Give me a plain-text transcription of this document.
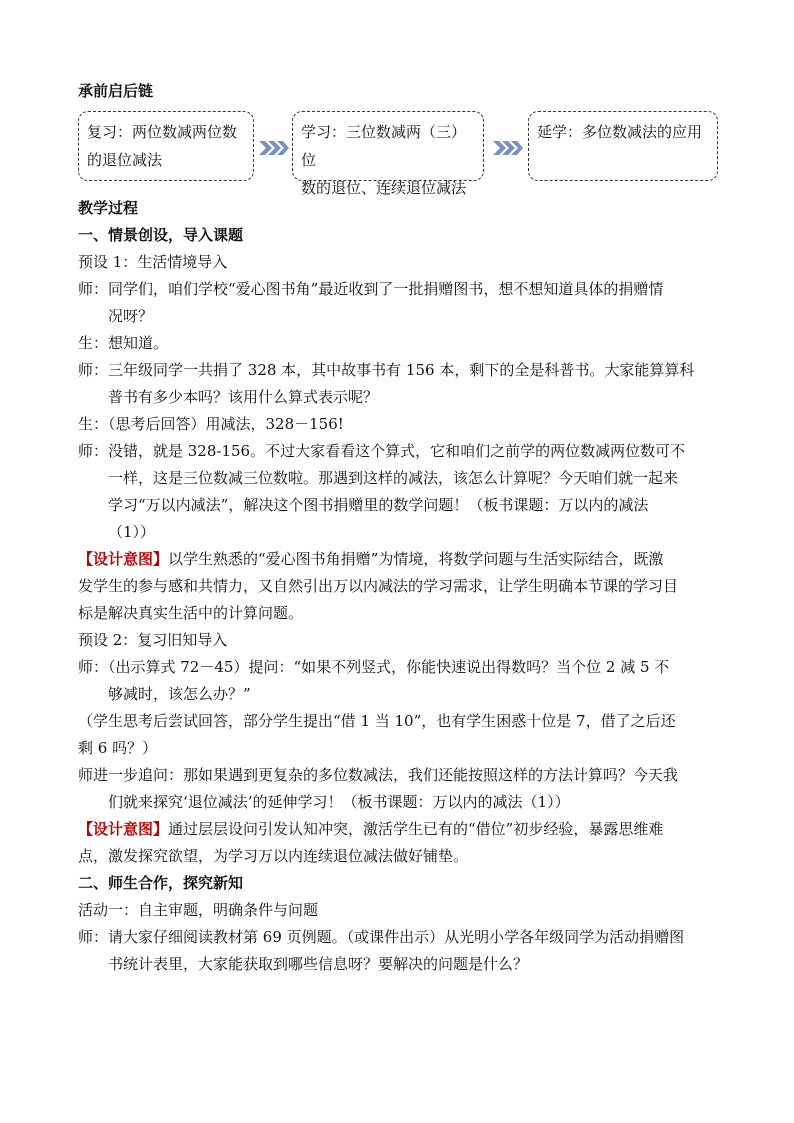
承前启后链
复习：两位数减两位数
的退位减法
学习：三位数减两（三）位
数的退位、连续退位减法
延学：多位数减法的应用
教学过程
一、情景创设，导入课题
预设 1：生活情境导入
师：同学们，咱们学校“爱心图书角”最近收到了一批捐赠图书，想不想知道具体的捐赠情
况呀？
生：想知道。
师：三年级同学一共捐了 328 本，其中故事书有 156 本，剩下的全是科普书。大家能算算科
普书有多少本吗？该用什么算式表示呢？
生：（思考后回答）用减法，328－156!
师：没错，就是 328-156。不过大家看看这个算式，它和咱们之前学的两位数减两位数可不
一样，这是三位数减三位数啦。那遇到这样的减法，该怎么计算呢？今天咱们就一起来
学习“万以内减法”，解决这个图书捐赠里的数学问题！（板书课题：万以内的减法
（1））
【设计意图】以学生熟悉的“爱心图书角捐赠”为情境，将数学问题与生活实际结合，既激
发学生的参与感和共情力，又自然引出万以内减法的学习需求，让学生明确本节课的学习目
标是解决真实生活中的计算问题。
预设 2：复习旧知导入
师：（出示算式 72－45）提问：“如果不列竖式，你能快速说出得数吗？当个位 2 减 5 不
够减时，该怎么办？”
（学生思考后尝试回答，部分学生提出“借 1 当 10”，也有学生困惑十位是 7，借了之后还
剩 6 吗？）
师进一步追问：那如果遇到更复杂的多位数减法，我们还能按照这样的方法计算吗？今天我
们就来探究‘退位减法’的延伸学习！（板书课题：万以内的减法（1））
【设计意图】通过层层设问引发认知冲突，激活学生已有的“借位”初步经验，暴露思维难
点，激发探究欲望，为学习万以内连续退位减法做好铺垫。
二、师生合作，探究新知
活动一：自主审题，明确条件与问题
师：请大家仔细阅读教材第 69 页例题。（或课件出示）从光明小学各年级同学为活动捐赠图
书统计表里，大家能获取到哪些信息呀？要解决的问题是什么？
